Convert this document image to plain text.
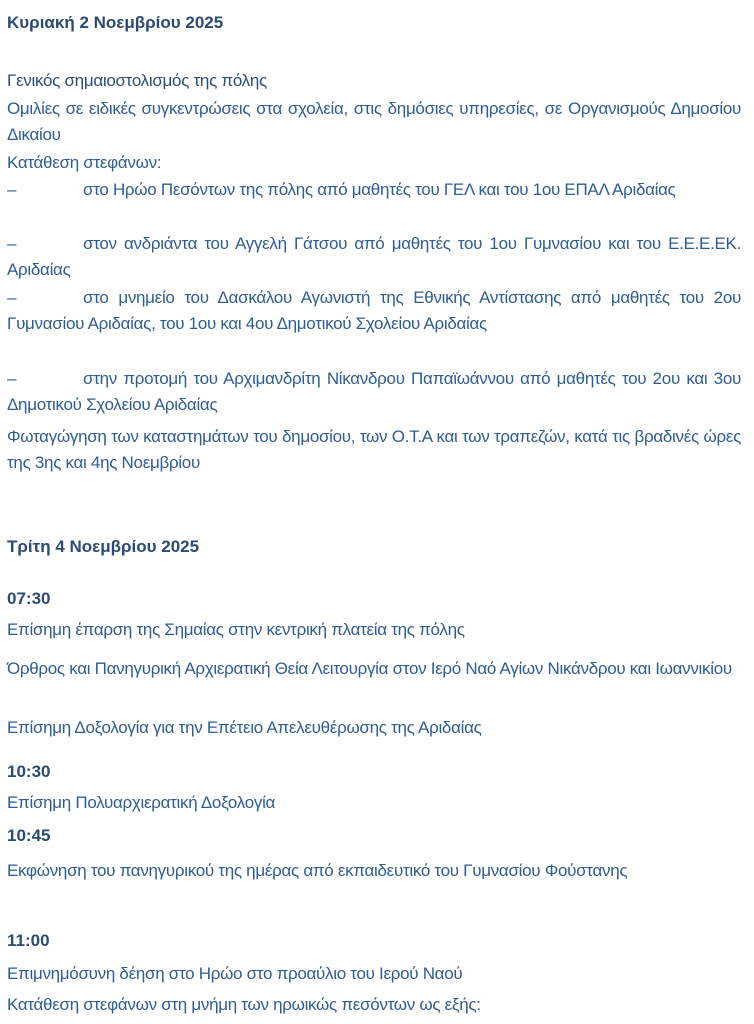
Κυριακή 2 Νοεμβρίου 2025
Γενικός σημαιοστολισμός της πόλης
Ομιλίες σε ειδικές συγκεντρώσεις στα σχολεία, στις δημόσιες υπηρεσίες, σε Οργανισμούς Δημοσίου Δικαίου
Κατάθεση στεφάνων:
–	στο Ηρώο Πεσόντων της πόλης από μαθητές του ΓΕΛ και του 1ου ΕΠΑΛ Αριδαίας
–	στον ανδριάντα του Αγγελή Γάτσου από μαθητές του 1ου Γυμνασίου και του Ε.Ε.Ε.ΕΚ. Αριδαίας
–	στο μνημείο του Δασκάλου Αγωνιστή της Εθνικής Αντίστασης από μαθητές του 2ου Γυμνασίου Αριδαίας, του 1ου και 4ου Δημοτικού Σχολείου Αριδαίας
–	στην προτομή του Αρχιμανδρίτη Νίκανδρου Παπαϊωάννου από μαθητές του 2ου και 3ου Δημοτικού Σχολείου Αριδαίας
Φωταγώγηση των καταστημάτων του δημοσίου, των Ο.Τ.Α και των τραπεζών, κατά τις βραδινές ώρες της 3ης και 4ης Νοεμβρίου
Τρίτη 4 Νοεμβρίου 2025
07:30
Επίσημη έπαρση της Σημαίας στην κεντρική πλατεία της πόλης
Όρθρος και Πανηγυρική Αρχιερατική Θεία Λειτουργία στον Ιερό Ναό Αγίων Νικάνδρου και Ιωαννικίου
Επίσημη Δοξολογία για την Επέτειο Απελευθέρωσης της Αριδαίας
10:30
Επίσημη Πολυαρχιερατική Δοξολογία
10:45
Εκφώνηση του πανηγυρικού της ημέρας από εκπαιδευτικό του Γυμνασίου Φούστανης
11:00
Επιμνημόσυνη δέηση στο Ηρώο στο προαύλιο του Ιερού Ναού
Κατάθεση στεφάνων στη μνήμη των ηρωικώς πεσόντων ως εξής:
